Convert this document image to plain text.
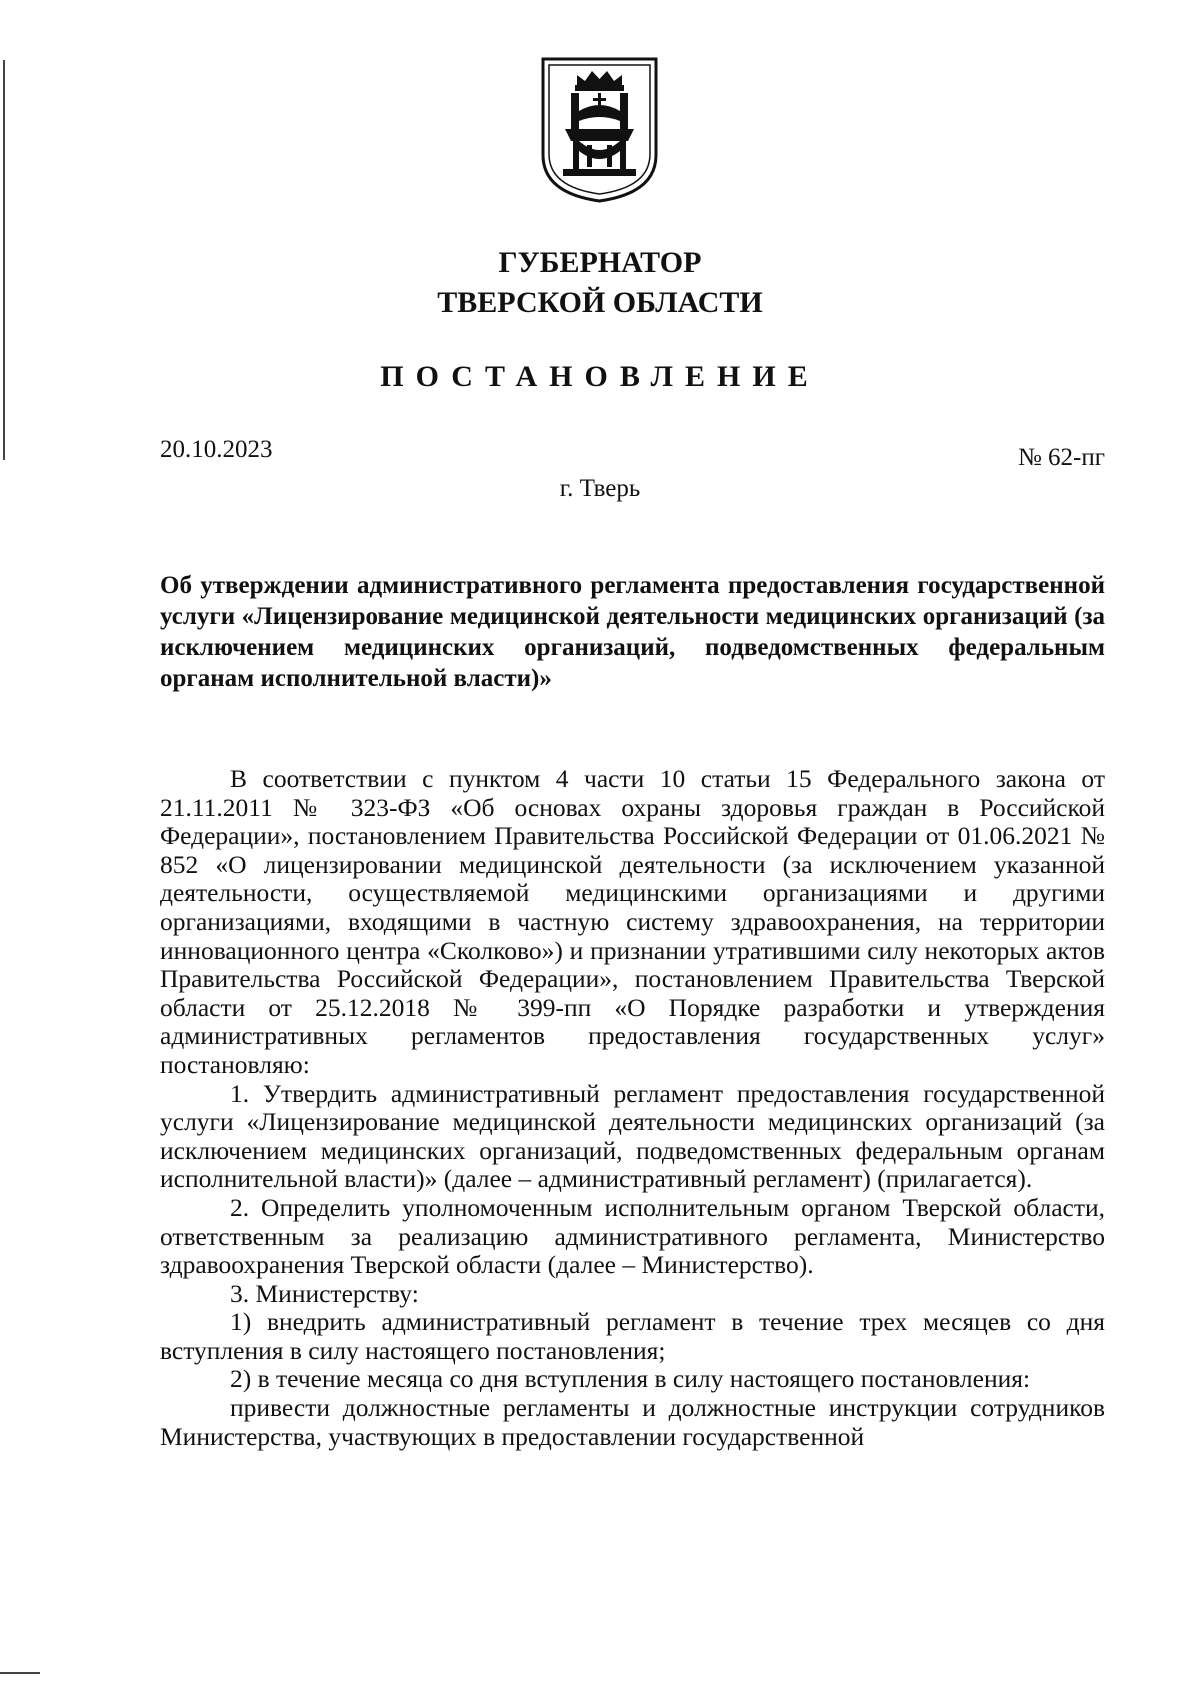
ГУБЕРНАТОР
ТВЕРСКОЙ ОБЛАСТИ
ПОСТАНОВЛЕНИЕ
20.10.2023	№ 62-пг
г. Тверь

Об утверждении административного регламента предоставления государственной услуги «Лицензирование медицинской деятельности медицинских организаций (за исключением медицинских организаций, подведомственных федеральным органам исполнительной власти)»

В соответствии с пунктом 4 части 10 статьи 15 Федерального закона от 21.11.2011 № 323-ФЗ «Об основах охраны здоровья граждан в Российской Федерации», постановлением Правительства Российской Федерации от 01.06.2021 № 852 «О лицензировании медицинской деятельности (за исключением указанной деятельности, осуществляемой медицинскими организациями и другими организациями, входящими в частную систему здравоохранения, на территории инновационного центра «Сколково») и признании утратившими силу некоторых актов Правительства Российской Федерации», постановлением Правительства Тверской области от 25.12.2018 № 399-пп «О Порядке разработки и утверждения административных регламентов предоставления государственных услуг» постановляю:

1. Утвердить административный регламент предоставления государственной услуги «Лицензирование медицинской деятельности медицинских организаций (за исключением медицинских организаций, подведомственных федеральным органам исполнительной власти)» (далее – административный регламент) (прилагается).

2. Определить уполномоченным исполнительным органом Тверской области, ответственным за реализацию административного регламента, Министерство здравоохранения Тверской области (далее – Министерство).

3. Министерству:

1) внедрить административный регламент в течение трех месяцев со дня вступления в силу настоящего постановления;

2) в течение месяца со дня вступления в силу настоящего постановления:

привести должностные регламенты и должностные инструкции сотрудников Министерства, участвующих в предоставлении государственной
